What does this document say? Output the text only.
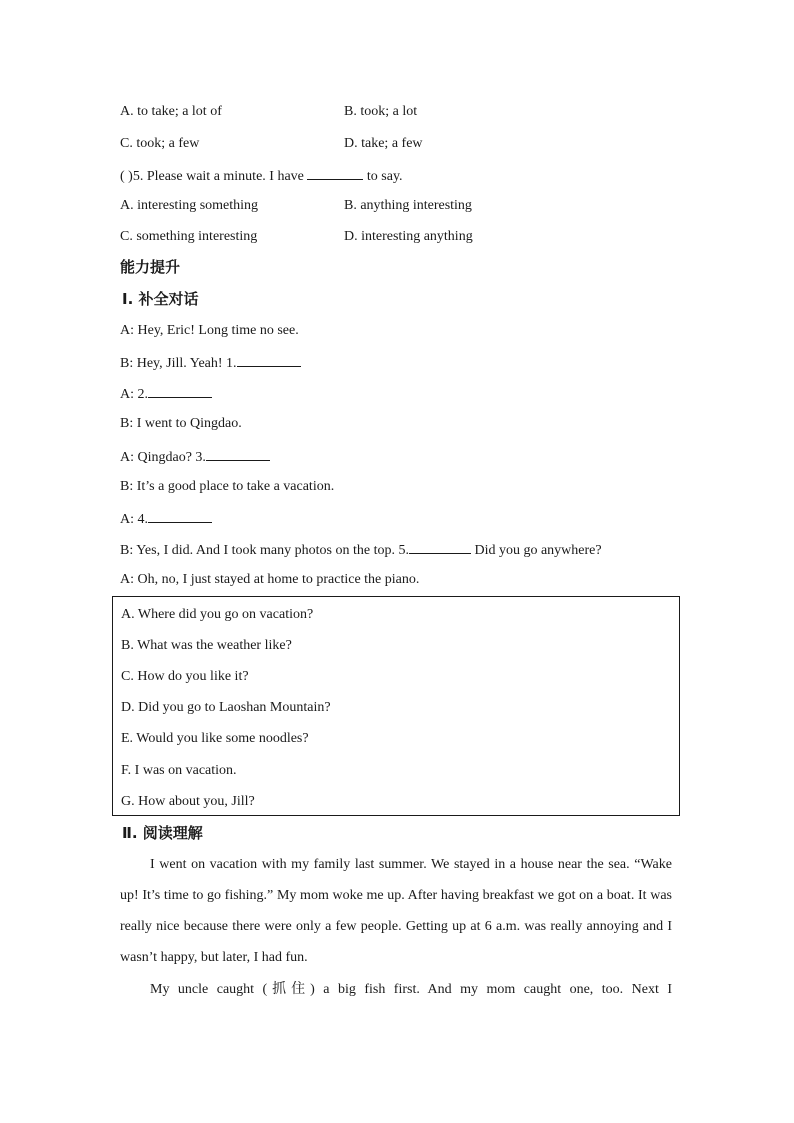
A. to take; a lot of	B. took; a lot
C. took; a few	D. take; a few
( )5. Please wait a minute. I have	to say.
A. interesting something	B. anything interesting
C. something interesting	D. interesting anything
能力提升
Ⅰ. 补全对话
A: Hey, Eric! Long time no see.
B: Hey, Jill. Yeah! 1.
A: 2.
B: I went to Qingdao.
A: Qingdao? 3.
B: It’s a good place to take a vacation.
A: 4.
B: Yes, I did. And I took many photos on the top. 5.	Did you go anywhere?
A: Oh, no, I just stayed at home to practice the piano.
A. Where did you go on vacation?
B. What was the weather like?
C. How do you like it?
D. Did you go to Laoshan Mountain?
E. Would you like some noodles?
F. I was on vacation.
G. How about you, Jill?
Ⅱ. 阅读理解
I went on vacation with my family last summer. We stayed in a house near the sea. “Wake up! It’s time to go fishing.” My mom woke me up. After having breakfast we got on a boat. It was really nice because there were only a few people. Getting up at 6 a.m. was really annoying and I wasn’t happy, but later, I had fun.
My uncle caught (抓住) a big fish first. And my mom caught one, too. Next I
